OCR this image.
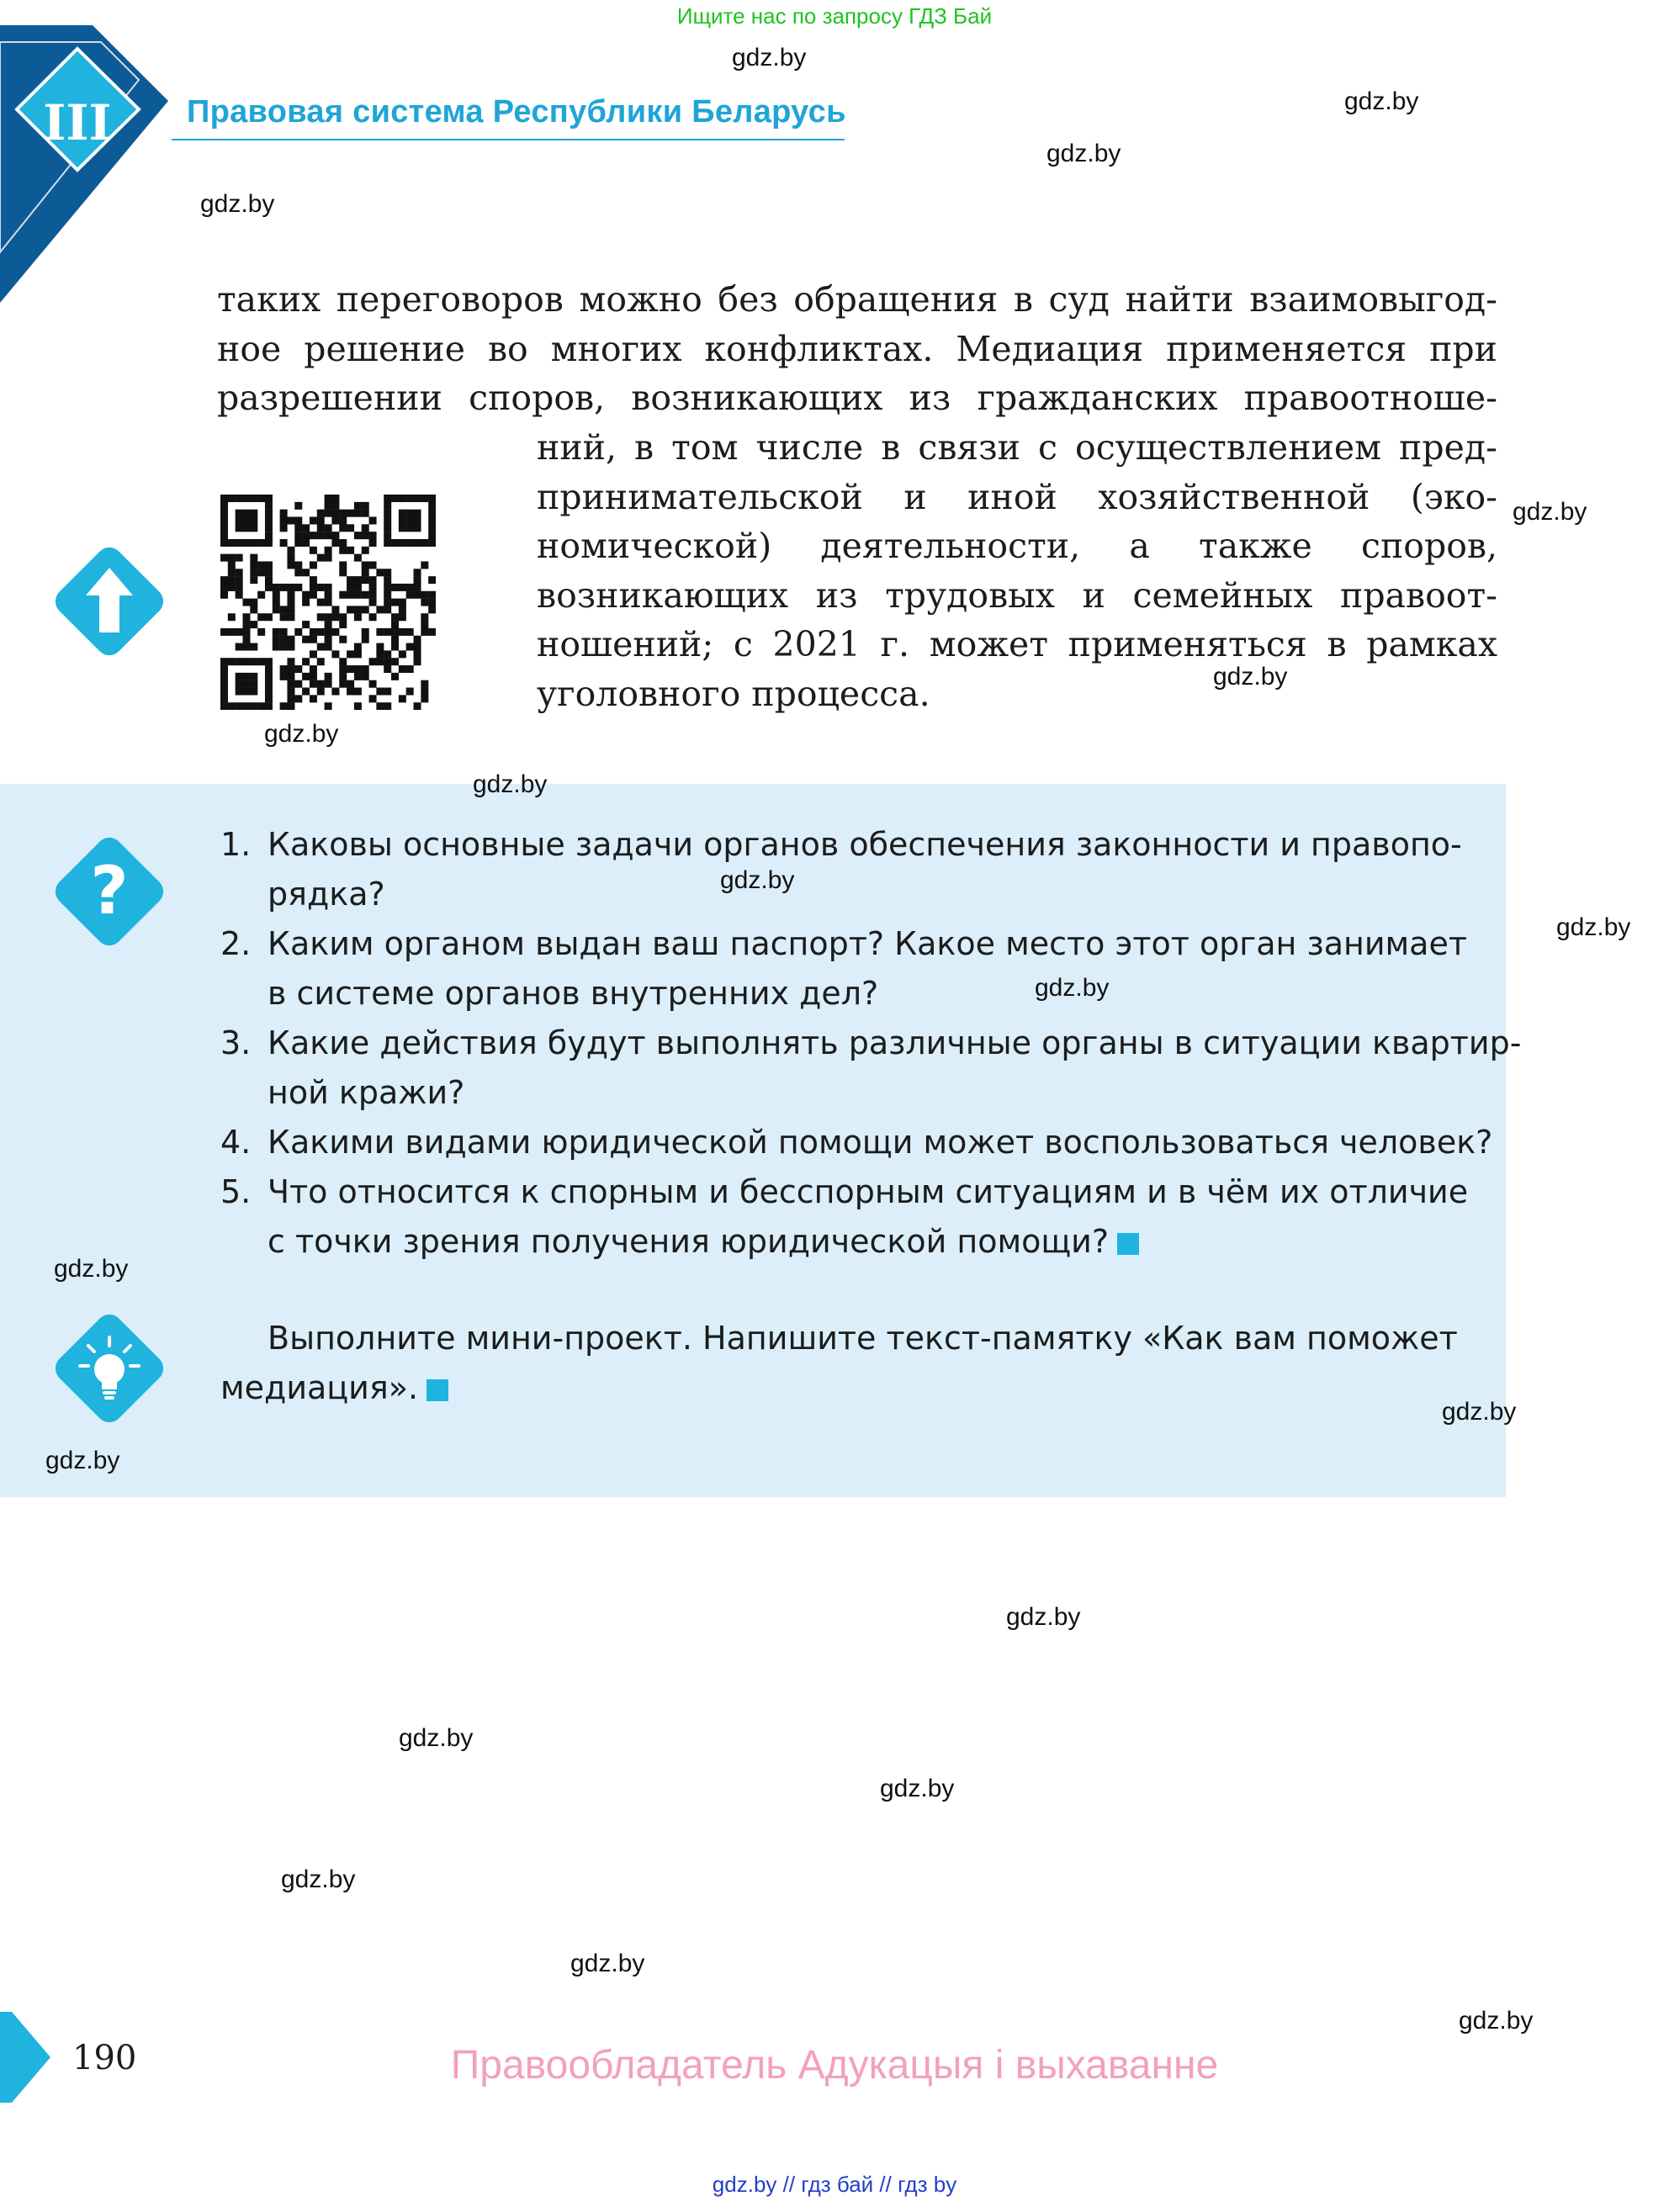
Ищите нас по запросу ГДЗ Бай
III	Правовая система Республики Беларусь
таких переговоров можно без обращения в суд найти взаимовыгод-
ное решение во многих конфликтах. Медиация применяется при
разрешении споров, возникающих из гражданских правоотноше-
ний, в том числе в связи с осуществлением пред-
принимательской и иной хозяйственной (эко-
номической) деятельности, а также споров,
возникающих из трудовых и семейных правоот-
ношений; с 2021 г. может применяться в рамках
уголовного процесса.
?
1. Каковы основные задачи органов обеспечения законности и правопо-
рядка?
2. Каким органом выдан ваш паспорт? Какое место этот орган занимает
в системе органов внутренних дел?
3. Какие действия будут выполнять различные органы в ситуации квартир-
ной кражи?
4. Какими видами юридической помощи может воспользоваться человек?
5. Что относится к спорным и бесспорным ситуациям и в чём их отличие
с точки зрения получения юридической помощи?
Выполните мини-проект. Напишите текст-памятку «Как вам поможет
медиация».
gdz.by
gdz.by
gdz.by
gdz.by
gdz.by
gdz.by
gdz.by
gdz.by
gdz.by
gdz.by
gdz.by
gdz.by
gdz.by
gdz.by
gdz.by
gdz.by
gdz.by
gdz.by
gdz.by
gdz.by
190	Правообладатель Адукацыя і выхаванне
gdz.by // гдз бай // гдз by
